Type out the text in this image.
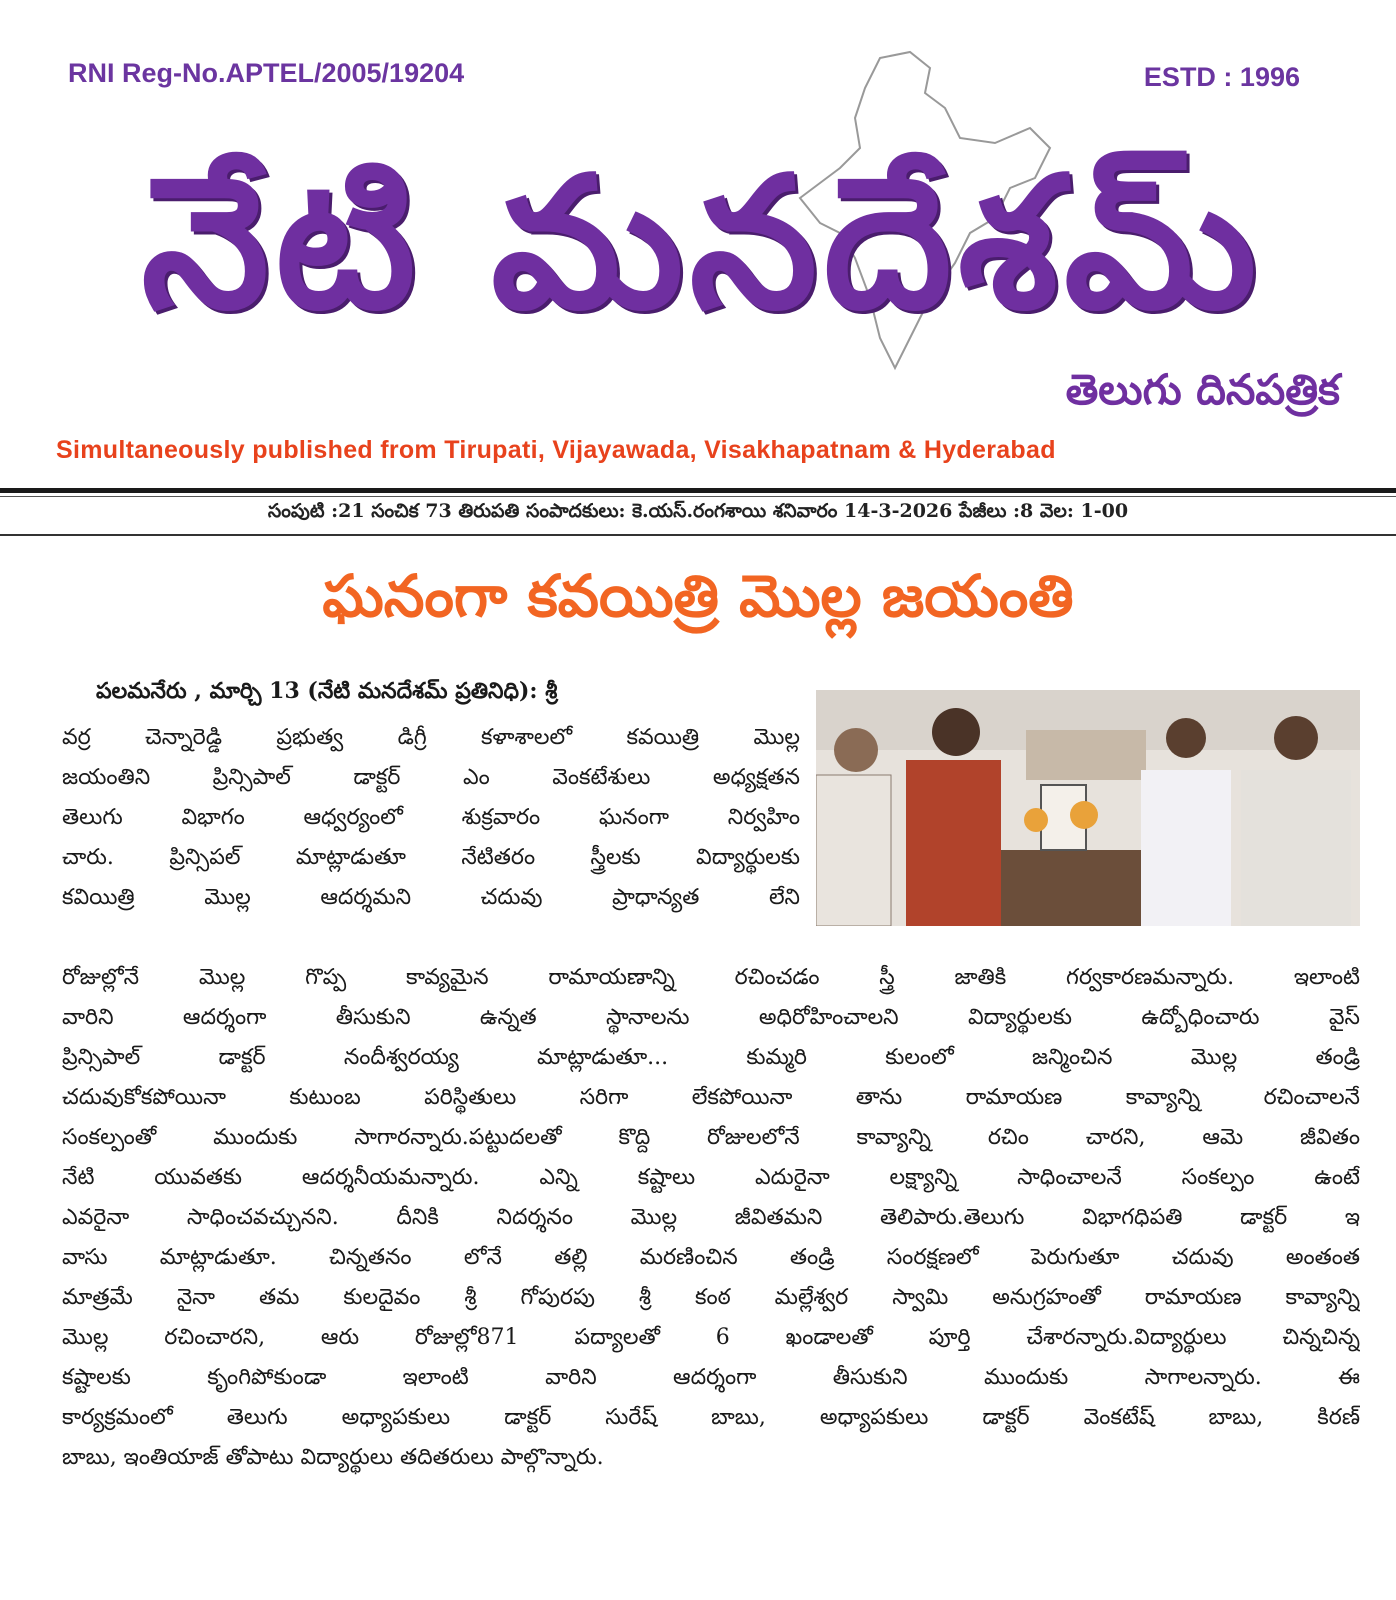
RNI Reg-No.APTEL/2005/19204	ESTD : 1996
నేటి మనదేశమ్
తెలుగు దినపత్రిక
Simultaneously published from Tirupati, Vijayawada, Visakhapatnam & Hyderabad
సంపుటి :21 సంచిక 73 తిరుపతి సంపాదకులు: కె.యస్.రంగశాయి శనివారం 14-3-2026 పేజీలు :8 వెల: 1-00
ఘనంగా కవయిత్రి మొల్ల జయంతి
పలమనేరు , మార్చి 13 (నేటి మనదేశమ్ ప్రతినిధి): శ్రీ
వర్ర చెన్నారెడ్డి ప్రభుత్వ డిగ్రీ కళాశాలలో కవయిత్రి మొల్ల
జయంతిని ప్రిన్సిపాల్ డాక్టర్ ఎం వెంకటేశులు అధ్యక్షతన
తెలుగు విభాగం ఆధ్వర్యంలో శుక్రవారం ఘనంగా నిర్వహిం
చారు. ప్రిన్సిపల్ మాట్లాడుతూ నేటితరం స్త్రీలకు విద్యార్థులకు
కవియిత్రి మొల్ల ఆదర్శమని చదువు ప్రాధాన్యత లేని
రోజుల్లోనే మొల్ల గొప్ప కావ్యమైన రామాయణాన్ని రచించడం స్త్రీ జాతికి గర్వకారణమన్నారు. ఇలాంటి
వారిని ఆదర్శంగా తీసుకుని ఉన్నత స్థానాలను అధిరోహించాలని విద్యార్థులకు ఉద్బోధించారు వైస్
ప్రిన్సిపాల్ డాక్టర్ నందీశ్వరయ్య మాట్లాడుతూ... కుమ్మరి కులంలో జన్మించిన మొల్ల తండ్రి
చదువుకోకపోయినా కుటుంబ పరిస్థితులు సరిగా లేకపోయినా తాను రామాయణ కావ్యాన్ని రచించాలనే
సంకల్పంతో ముందుకు సాగారన్నారు.పట్టుదలతో కొద్ది రోజులలోనే కావ్యాన్ని రచిం చారని, ఆమె జీవితం
నేటి యువతకు ఆదర్శనీయమన్నారు. ఎన్ని కష్టాలు ఎదురైనా లక్ష్యాన్ని సాధించాలనే సంకల్పం ఉంటే
ఎవరైనా సాధించవచ్చునని. దీనికి నిదర్శనం మొల్ల జీవితమని తెలిపారు.తెలుగు విభాగధిపతి డాక్టర్ ఇ
వాసు మాట్లాడుతూ. చిన్నతనం లోనే తల్లి మరణించిన తండ్రి సంరక్షణలో పెరుగుతూ చదువు అంతంత
మాత్రమే నైనా తమ కులదైవం శ్రీ గోపురపు శ్రీ కంఠ మల్లేశ్వర స్వామి అనుగ్రహంతో రామాయణ కావ్యాన్ని
మొల్ల రచించారని, ఆరు రోజుల్లో871 పద్యాలతో 6 ఖండాలతో పూర్తి చేశారన్నారు.విద్యార్థులు చిన్నచిన్న
కష్టాలకు కృంగిపోకుండా ఇలాంటి వారిని ఆదర్శంగా తీసుకుని ముందుకు సాగాలన్నారు. ఈ
కార్యక్రమంలో తెలుగు అధ్యాపకులు డాక్టర్ సురేష్ బాబు, అధ్యాపకులు డాక్టర్ వెంకటేష్ బాబు, కిరణ్
బాబు, ఇంతియాజ్ తోపాటు విద్యార్థులు తదితరులు పాల్గొన్నారు.
